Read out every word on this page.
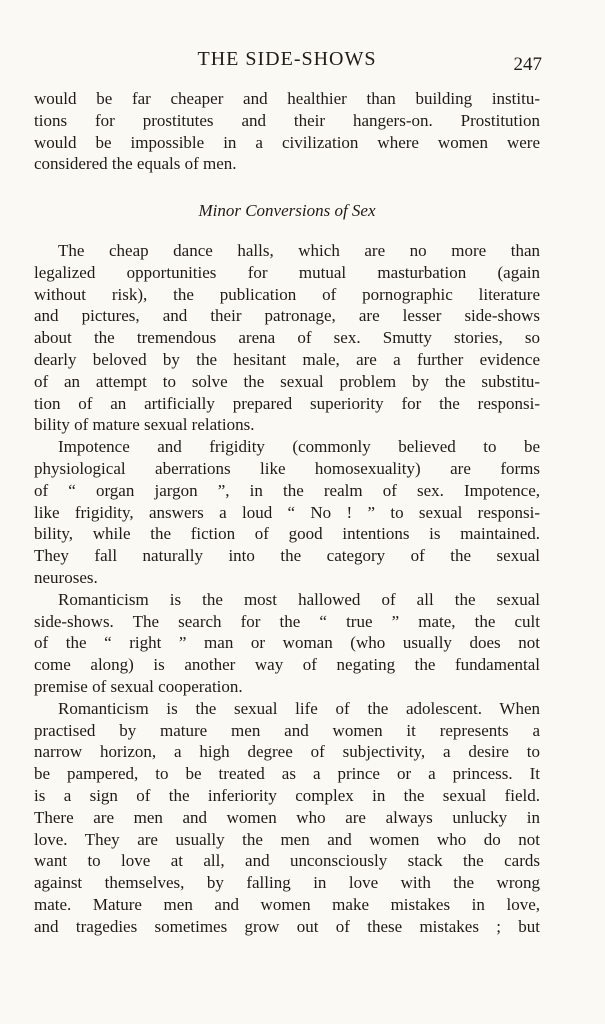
THE SIDE-SHOWS	247

would be far cheaper and healthier than building institu-
tions for prostitutes and their hangers-on. Prostitution
would be impossible in a civilization where women were
considered the equals of men.

Minor Conversions of Sex

The cheap dance halls, which are no more than
legalized opportunities for mutual masturbation (again
without risk), the publication of pornographic literature
and pictures, and their patronage, are lesser side-shows
about the tremendous arena of sex. Smutty stories, so
dearly beloved by the hesitant male, are a further evidence
of an attempt to solve the sexual problem by the substitu-
tion of an artificially prepared superiority for the responsi-
bility of mature sexual relations.

Impotence and frigidity (commonly believed to be
physiological aberrations like homosexuality) are forms
of “ organ jargon ”, in the realm of sex. Impotence,
like frigidity, answers a loud “ No ! ” to sexual responsi-
bility, while the fiction of good intentions is maintained.
They fall naturally into the category of the sexual
neuroses.

Romanticism is the most hallowed of all the sexual
side-shows. The search for the “ true ” mate, the cult
of the “ right ” man or woman (who usually does not
come along) is another way of negating the fundamental
premise of sexual cooperation.

Romanticism is the sexual life of the adolescent. When
practised by mature men and women it represents a
narrow horizon, a high degree of subjectivity, a desire to
be pampered, to be treated as a prince or a princess. It
is a sign of the inferiority complex in the sexual field.
There are men and women who are always unlucky in
love. They are usually the men and women who do not
want to love at all, and unconsciously stack the cards
against themselves, by falling in love with the wrong
mate. Mature men and women make mistakes in love,
and tragedies sometimes grow out of these mistakes ; but
